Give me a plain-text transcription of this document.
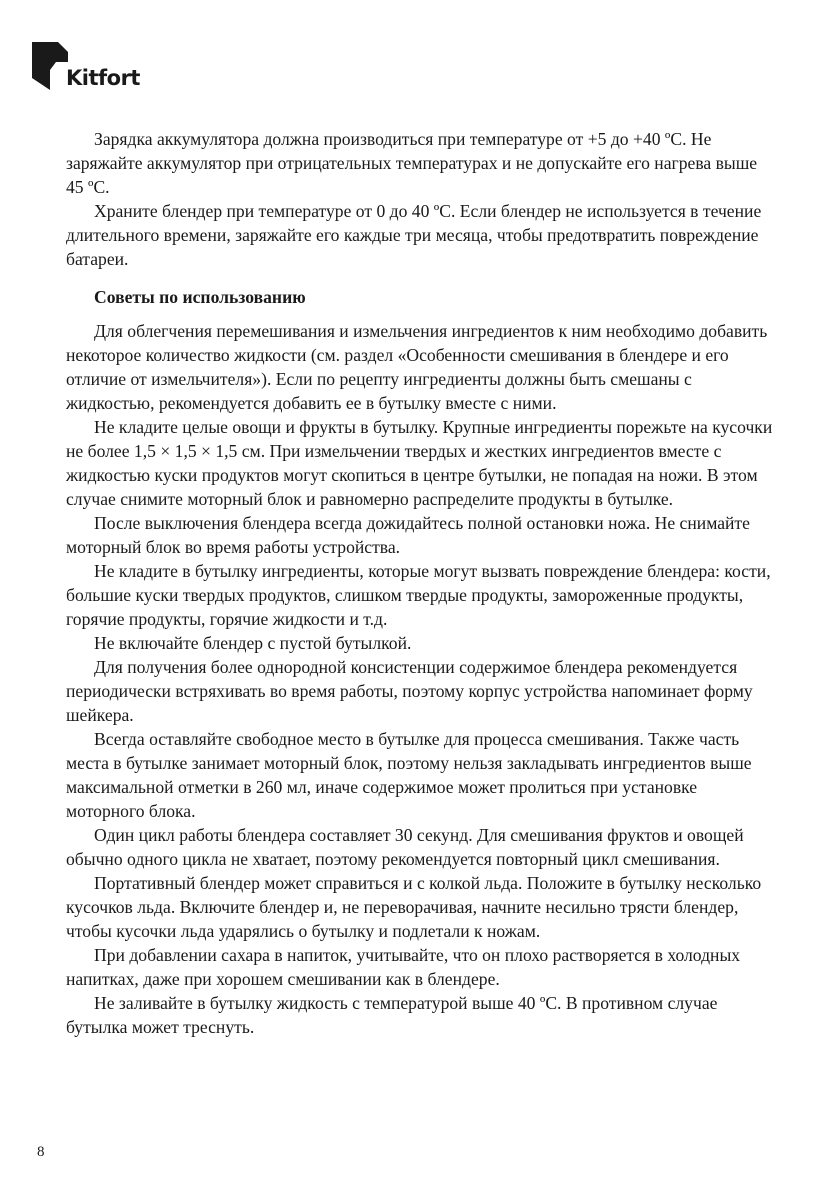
Kitfort

Зарядка аккумулятора должна производиться при температуре от +5 до +40 ºС. Не заряжайте аккумулятор при отрицательных температурах и не допускайте его нагрева выше 45 ºС.

Храните блендер при температуре от 0 до 40 ºС. Если блендер не используется в течение длительного времени, заряжайте его каждые три месяца, чтобы предотвратить повреждение батареи.

Советы по использованию

Для облегчения перемешивания и измельчения ингредиентов к ним необходимо добавить некоторое количество жидкости (см. раздел «Особенности смешивания в блендере и его отличие от измельчителя»). Если по рецепту ингредиенты должны быть смешаны с жидкостью, рекомендуется добавить ее в бутылку вместе с ними.

Не кладите целые овощи и фрукты в бутылку. Крупные ингредиенты порежьте на кусочки не более 1,5 × 1,5 × 1,5 см. При измельчении твердых и жестких ингредиентов вместе с жидкостью куски продуктов могут скопиться в центре бутылки, не попадая на ножи. В этом случае снимите моторный блок и равномерно распределите продукты в бутылке.

После выключения блендера всегда дожидайтесь полной остановки ножа. Не снимайте моторный блок во время работы устройства.

Не кладите в бутылку ингредиенты, которые могут вызвать повреждение блендера: кости, большие куски твердых продуктов, слишком твердые продукты, замороженные продукты, горячие продукты, горячие жидкости и т.д.

Не включайте блендер с пустой бутылкой.

Для получения более однородной консистенции содержимое блендера рекомендуется периодически встряхивать во время работы, поэтому корпус устройства напоминает форму шейкера.

Всегда оставляйте свободное место в бутылке для процесса смешивания. Также часть места в бутылке занимает моторный блок, поэтому нельзя закладывать ингредиентов выше максимальной отметки в 260 мл, иначе содержимое может пролиться при установке моторного блока.

Один цикл работы блендера составляет 30 секунд. Для смешивания фруктов и овощей обычно одного цикла не хватает, поэтому рекомендуется повторный цикл смешивания.

Портативный блендер может справиться и с колкой льда. Положите в бутылку несколько кусочков льда. Включите блендер и, не переворачивая, начните несильно трясти блендер, чтобы кусочки льда ударялись о бутылку и подлетали к ножам.

При добавлении сахара в напиток, учитывайте, что он плохо растворяется в холодных напитках, даже при хорошем смешивании как в блендере.

Не заливайте в бутылку жидкость с температурой выше 40 ºС. В противном случае бутылка может треснуть.

8
